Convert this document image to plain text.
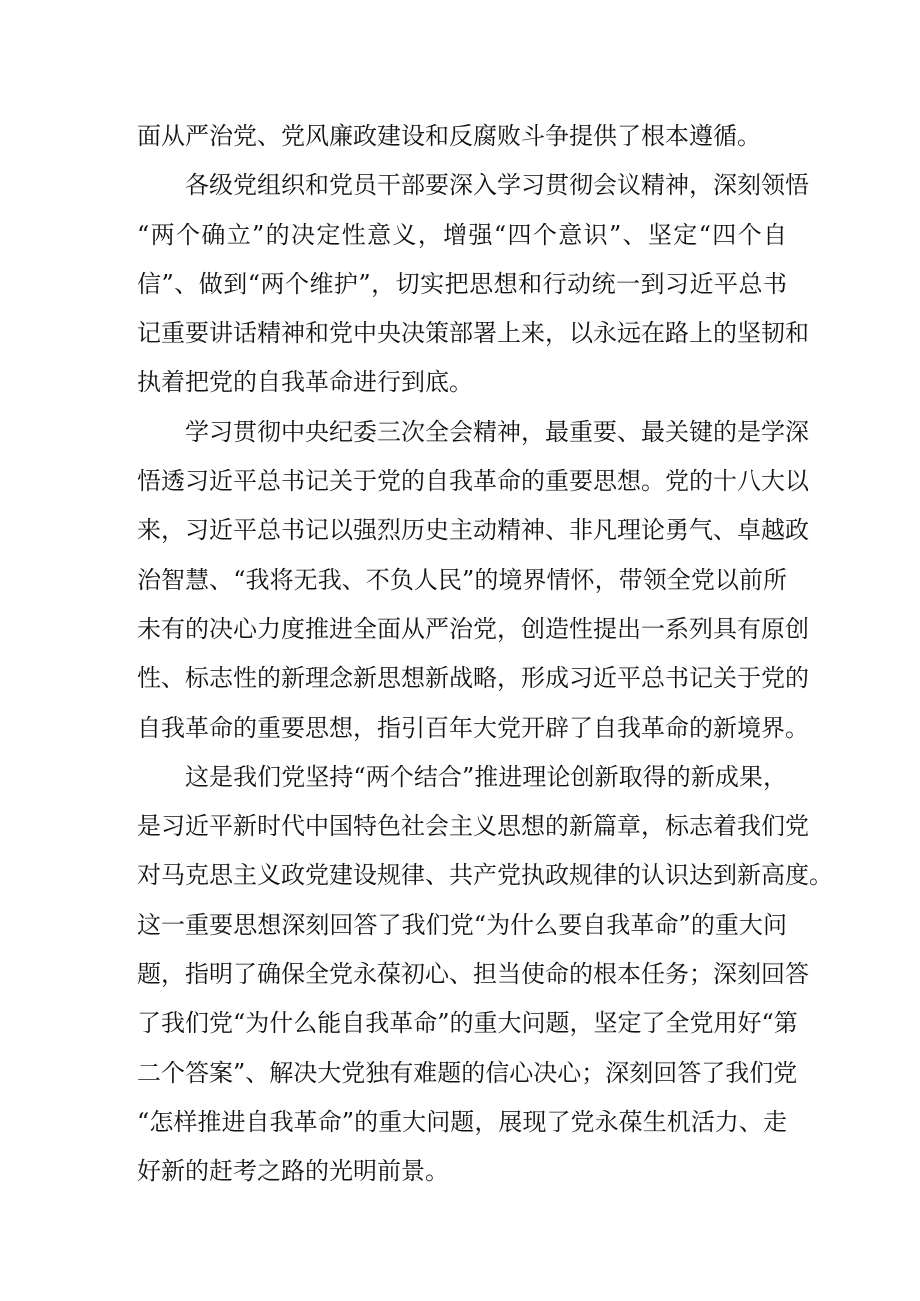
面从严治党、党风廉政建设和反腐败斗争提供了根本遵循。
各级党组织和党员干部要深入学习贯彻会议精神，深刻领悟
“两个确立”的决定性意义，增强“四个意识”、坚定“四个自
信”、做到“两个维护”，切实把思想和行动统一到习近平总书
记重要讲话精神和党中央决策部署上来，以永远在路上的坚韧和
执着把党的自我革命进行到底。
学习贯彻中央纪委三次全会精神，最重要、最关键的是学深
悟透习近平总书记关于党的自我革命的重要思想。党的十八大以
来，习近平总书记以强烈历史主动精神、非凡理论勇气、卓越政
治智慧、“我将无我、不负人民”的境界情怀，带领全党以前所
未有的决心力度推进全面从严治党，创造性提出一系列具有原创
性、标志性的新理念新思想新战略，形成习近平总书记关于党的
自我革命的重要思想，指引百年大党开辟了自我革命的新境界。
这是我们党坚持“两个结合”推进理论创新取得的新成果，
是习近平新时代中国特色社会主义思想的新篇章，标志着我们党
对马克思主义政党建设规律、共产党执政规律的认识达到新高度。
这一重要思想深刻回答了我们党“为什么要自我革命”的重大问
题，指明了确保全党永葆初心、担当使命的根本任务；深刻回答
了我们党“为什么能自我革命”的重大问题，坚定了全党用好“第
二个答案”、解决大党独有难题的信心决心；深刻回答了我们党
“怎样推进自我革命”的重大问题，展现了党永葆生机活力、走
好新的赶考之路的光明前景。
